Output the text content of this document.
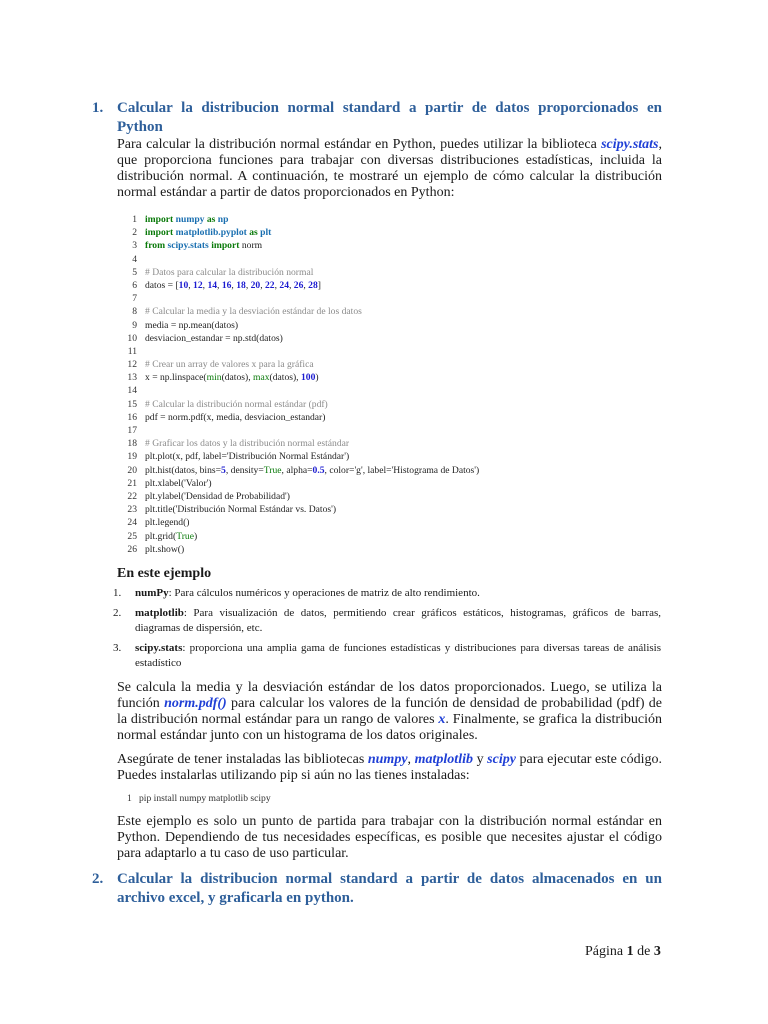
1. Calcular la distribucion normal standard a partir de datos proporcionados en Python
Para calcular la distribución normal estándar en Python, puedes utilizar la biblioteca scipy.stats, que proporciona funciones para trabajar con diversas distribuciones estadísticas, incluida la distribución normal. A continuación, te mostraré un ejemplo de cómo calcular la distribución normal estándar a partir de datos proporcionados en Python:
1 import numpy as np
2 import matplotlib.pyplot as plt
3 from scipy.stats import norm
4
5 # Datos para calcular la distribución normal
6 datos = [10, 12, 14, 16, 18, 20, 22, 24, 26, 28]
7
8 # Calcular la media y la desviación estándar de los datos
9 media = np.mean(datos)
10 desviacion_estandar = np.std(datos)
11
12 # Crear un array de valores x para la gráfica
13 x = np.linspace(min(datos), max(datos), 100)
14
15 # Calcular la distribución normal estándar (pdf)
16 pdf = norm.pdf(x, media, desviacion_estandar)
17
18 # Graficar los datos y la distribución normal estándar
19 plt.plot(x, pdf, label='Distribución Normal Estándar')
20 plt.hist(datos, bins=5, density=True, alpha=0.5, color='g', label='Histograma de Datos')
21 plt.xlabel('Valor')
22 plt.ylabel('Densidad de Probabilidad')
23 plt.title('Distribución Normal Estándar vs. Datos')
24 plt.legend()
25 plt.grid(True)
26 plt.show()
En este ejemplo
1. numPy: Para cálculos numéricos y operaciones de matriz de alto rendimiento.
2. matplotlib: Para visualización de datos, permitiendo crear gráficos estáticos, histogramas, gráficos de barras, diagramas de dispersión, etc.
3. scipy.stats: proporciona una amplia gama de funciones estadísticas y distribuciones para diversas tareas de análisis estadístico
Se calcula la media y la desviación estándar de los datos proporcionados. Luego, se utiliza la función norm.pdf() para calcular los valores de la función de densidad de probabilidad (pdf) de la distribución normal estándar para un rango de valores x. Finalmente, se grafica la distribución normal estándar junto con un histograma de los datos originales.
Asegúrate de tener instaladas las bibliotecas numpy, matplotlib y scipy para ejecutar este código. Puedes instalarlas utilizando pip si aún no las tienes instaladas:
1 pip install numpy matplotlib scipy
Este ejemplo es solo un punto de partida para trabajar con la distribución normal estándar en Python. Dependiendo de tus necesidades específicas, es posible que necesites ajustar el código para adaptarlo a tu caso de uso particular.
2. Calcular la distribucion normal standard a partir de datos almacenados en un archivo excel, y graficarla en python.
Página 1 de 3
